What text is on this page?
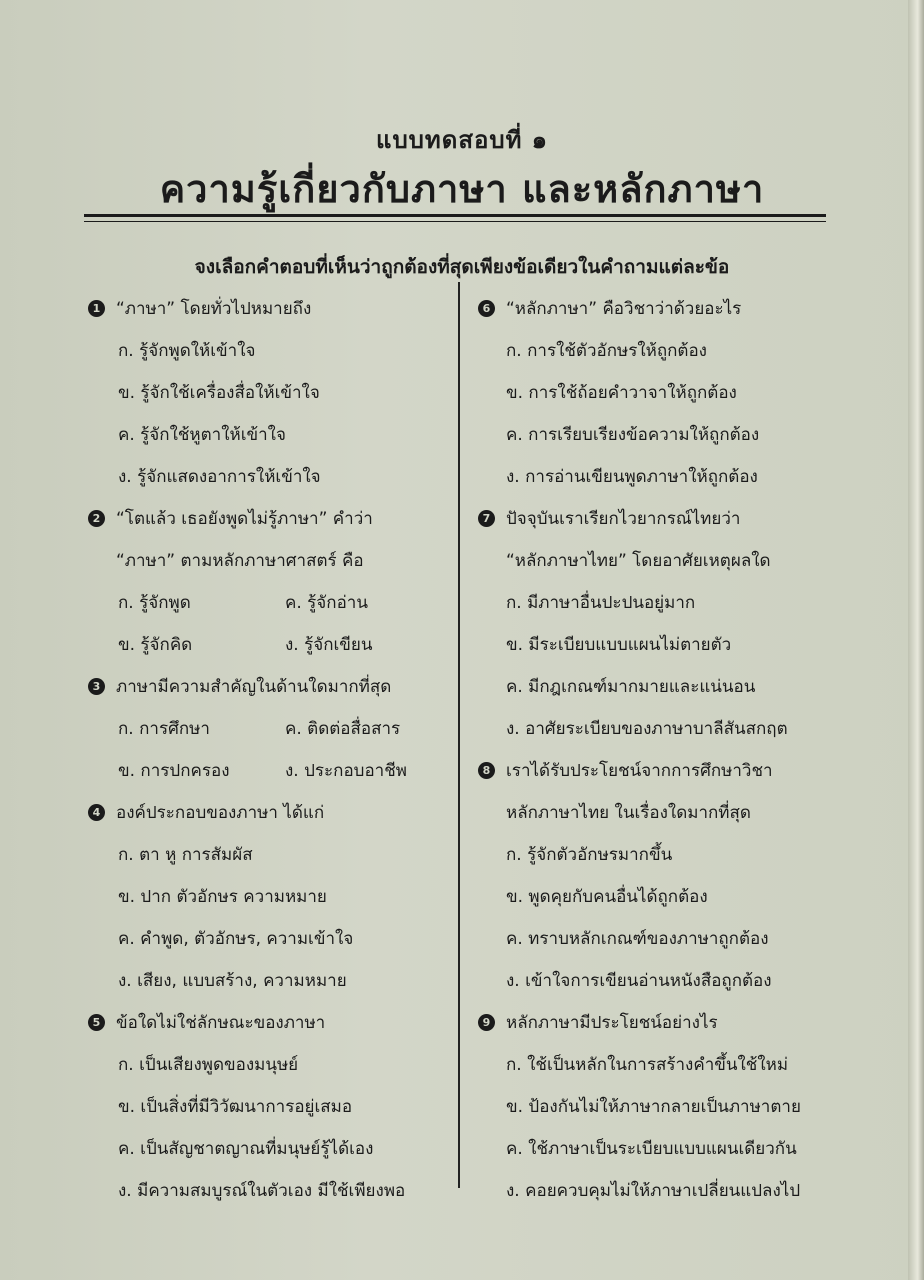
แบบทดสอบที่ ๑
ความรู้เกี่ยวกับภาษา และหลักภาษา
จงเลือกคำตอบที่เห็นว่าถูกต้องที่สุดเพียงข้อเดียวในคำถามแต่ละข้อ
1 “ภาษา” โดยทั่วไปหมายถึง
ก. รู้จักพูดให้เข้าใจ
ข. รู้จักใช้เครื่องสื่อให้เข้าใจ
ค. รู้จักใช้หูตาให้เข้าใจ
ง. รู้จักแสดงอาการให้เข้าใจ
2 “โตแล้ว เธอยังพูดไม่รู้ภาษา” คำว่า
“ภาษา” ตามหลักภาษาศาสตร์ คือ
ก. รู้จักพูด	ค. รู้จักอ่าน
ข. รู้จักคิด	ง. รู้จักเขียน
3 ภาษามีความสำคัญในด้านใดมากที่สุด
ก. การศึกษา	ค. ติดต่อสื่อสาร
ข. การปกครอง	ง. ประกอบอาชีพ
4 องค์ประกอบของภาษา ได้แก่
ก. ตา หู การสัมผัส
ข. ปาก ตัวอักษร ความหมาย
ค. คำพูด, ตัวอักษร, ความเข้าใจ
ง. เสียง, แบบสร้าง, ความหมาย
5 ข้อใดไม่ใช่ลักษณะของภาษา
ก. เป็นเสียงพูดของมนุษย์
ข. เป็นสิ่งที่มีวิวัฒนาการอยู่เสมอ
ค. เป็นสัญชาตญาณที่มนุษย์รู้ได้เอง
ง. มีความสมบูรณ์ในตัวเอง มีใช้เพียงพอ
6 “หลักภาษา” คือวิชาว่าด้วยอะไร
ก. การใช้ตัวอักษรให้ถูกต้อง
ข. การใช้ถ้อยคำวาจาให้ถูกต้อง
ค. การเรียบเรียงข้อความให้ถูกต้อง
ง. การอ่านเขียนพูดภาษาให้ถูกต้อง
7 ปัจจุบันเราเรียกไวยากรณ์ไทยว่า
“หลักภาษาไทย” โดยอาศัยเหตุผลใด
ก. มีภาษาอื่นปะปนอยู่มาก
ข. มีระเบียบแบบแผนไม่ตายตัว
ค. มีกฎเกณฑ์มากมายและแน่นอน
ง. อาศัยระเบียบของภาษาบาลีสันสกฤต
8 เราได้รับประโยชน์จากการศึกษาวิชา
หลักภาษาไทย ในเรื่องใดมากที่สุด
ก. รู้จักตัวอักษรมากขึ้น
ข. พูดคุยกับคนอื่นได้ถูกต้อง
ค. ทราบหลักเกณฑ์ของภาษาถูกต้อง
ง. เข้าใจการเขียนอ่านหนังสือถูกต้อง
9 หลักภาษามีประโยชน์อย่างไร
ก. ใช้เป็นหลักในการสร้างคำขึ้นใช้ใหม่
ข. ป้องกันไม่ให้ภาษากลายเป็นภาษาตาย
ค. ใช้ภาษาเป็นระเบียบแบบแผนเดียวกัน
ง. คอยควบคุมไม่ให้ภาษาเปลี่ยนแปลงไป
